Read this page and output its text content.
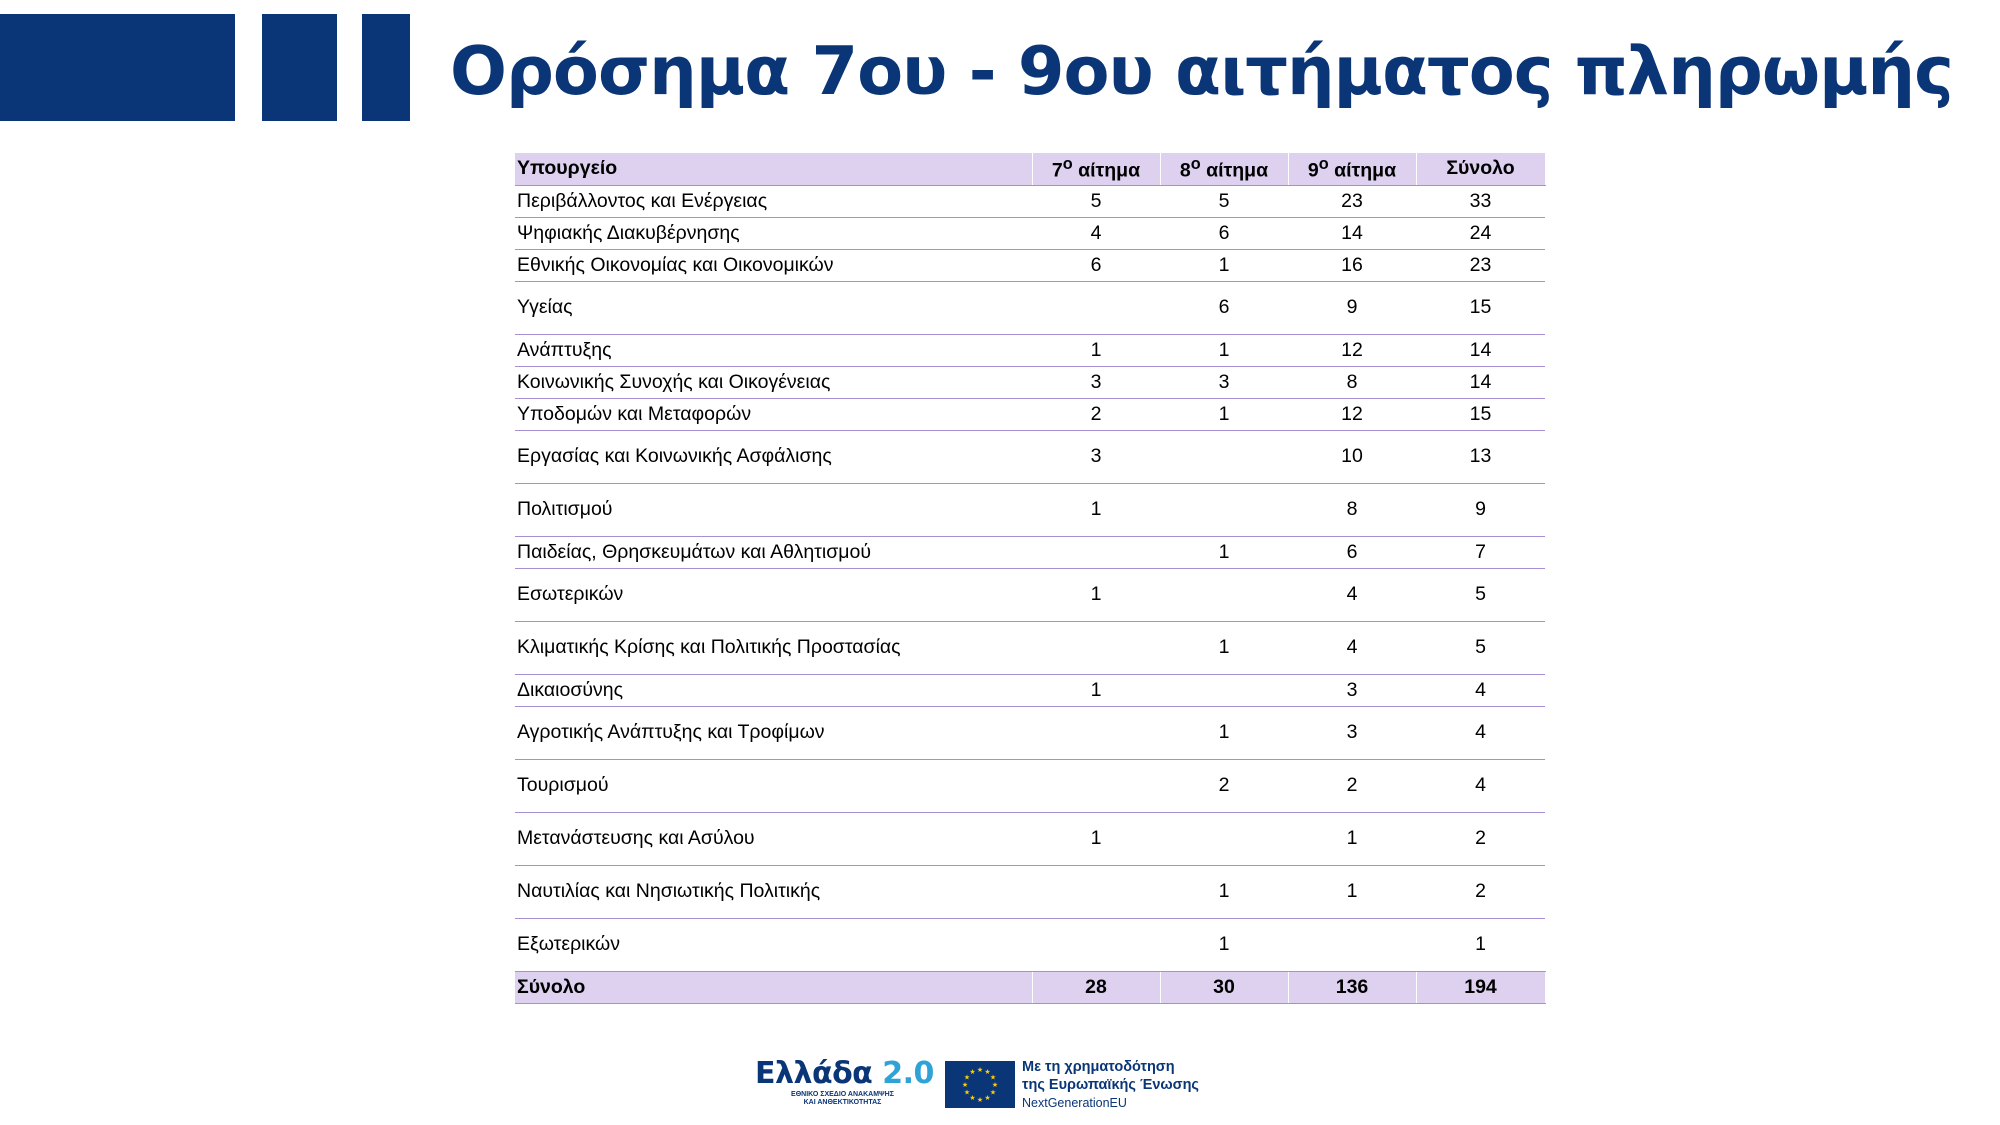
Ορόσημα 7ου - 9ου αιτήματος πληρωμής
Υπουργείο	$7^o$ αίτημα	$8^o$ αίτημα	$9^o$ αίτημα	Σύνολο
Περιβάλλοντος και Ενέργειας	5	5	23	33
Ψηφιακής Διακυβέρνησης	4	6	14	24
Εθνικής Οικονομίας και Οικονομικών	6	1	16	23
Υγείας		6	9	15
Ανάπτυξης	1	1	12	14
Κοινωνικής Συνοχής και Οικογένειας	3	3	8	14
Υποδομών και Μεταφορών	2	1	12	15
Εργασίας και Κοινωνικής Ασφάλισης	3		10	13
Πολιτισμού	1		8	9
Παιδείας, Θρησκευμάτων και Αθλητισμού		1	6	7
Εσωτερικών	1		4	5
Κλιματικής Κρίσης και Πολιτικής Προστασίας		1	4	5
Δικαιοσύνης	1		3	4
Αγροτικής Ανάπτυξης και Τροφίμων		1	3	4
Τουρισμού		2	2	4
Μετανάστευσης και Ασύλου	1		1	2
Ναυτιλίας και Νησιωτικής Πολιτικής		1	1	2
Εξωτερικών		1		1
Σύνολο	28	30	136	194
Ελλάδα 2.0
ΕΘΝΙΚΟ ΣΧΕΔΙΟ ΑΝΑΚΑΜΨΗΣ
ΚΑΙ ΑΝΘΕΚΤΙΚΟΤΗΤΑΣ
★
★
★
★
★
★
★
★
★ ★ ★
★
Με τη χρηματοδότηση
της Ευρωπαϊκής Ένωσης
NextGenerationEU
